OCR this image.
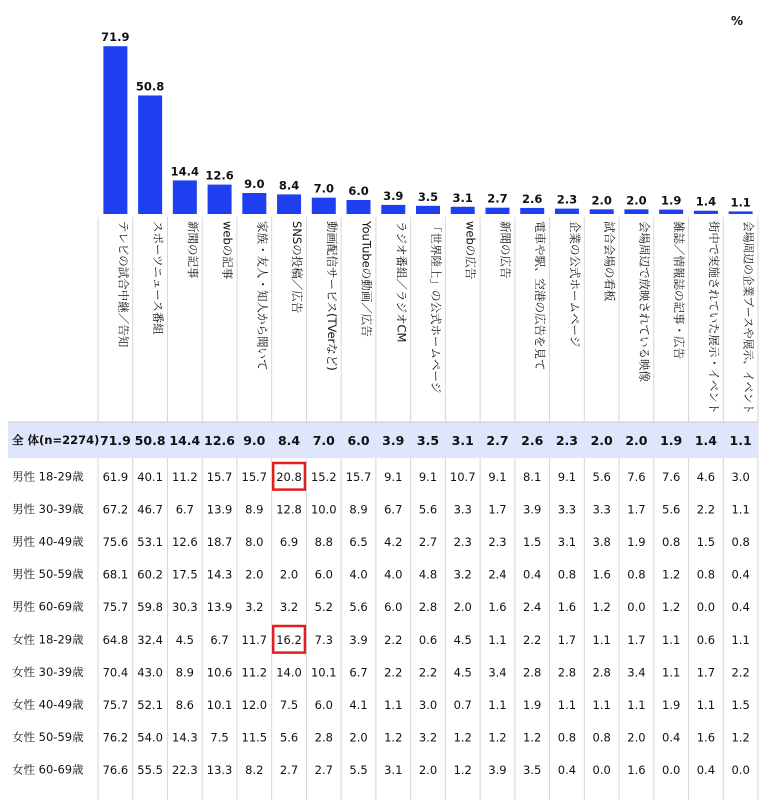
%
71.9
50.8
14.4 12.6
9.0 8.4 7.0 6.0 3.9 3.5 3.1 2.7 2.6 2.3 2.0 2.0 1.9 1.4 1.1
テレビの試合中継／告知 スポーツニュース番組 新聞の記事 webの記事 家族・友人・知人から聞いて SNSの投稿／広告 動画配信サービス(TVerなど) YouTubeの動画／広告 ラジオ番組／ラジオCM 「世界陸上」の公式ホームページ webの広告 新聞の広告 電車や駅、空港の広告を見て 企業の公式ホームページ 試合会場の看板 会場周辺で放映されている映像 雑誌／情報誌の記事・広告 街中で実施されていた展示・イベント 会場周辺の企業ブースや展示、イベント
全 体(n=2274) 71.9 50.8 14.4 12.6 9.0 8.4 7.0 6.0 3.9 3.5 3.1 2.7 2.6 2.3 2.0 2.0 1.9 1.4 1.1
男性 18-29歳 61.9 40.1 11.2 15.7 15.7 20.8 15.2 15.7 9.1 9.1 10.7 9.1 8.1 9.1 5.6 7.6 7.6 4.6 3.0
男性 30-39歳 67.2 46.7 6.7 13.9 8.9 12.8 10.0 8.9 6.7 5.6 3.3 1.7 3.9 3.3 3.3 1.7 5.6 2.2 1.1
男性 40-49歳 75.6 53.1 12.6 18.7 8.0 6.9 8.8 6.5 4.2 2.7 2.3 2.3 1.5 3.1 3.8 1.9 0.8 1.5 0.8
男性 50-59歳 68.1 60.2 17.5 14.3 2.0 2.0 6.0 4.0 4.0 4.8 3.2 2.4 0.4 0.8 1.6 0.8 1.2 0.8 0.4
男性 60-69歳 75.7 59.8 30.3 13.9 3.2 3.2 5.2 5.6 6.0 2.8 2.0 1.6 2.4 1.6 1.2 0.0 1.2 0.0 0.4
女性 18-29歳 64.8 32.4 4.5 6.7 11.7 16.2 7.3 3.9 2.2 0.6 4.5 1.1 2.2 1.7 1.1 1.7 1.1 0.6 1.1
女性 30-39歳 70.4 43.0 8.9 10.6 11.2 14.0 10.1 6.7 2.2 2.2 4.5 3.4 2.8 2.8 2.8 3.4 1.1 1.7 2.2
女性 40-49歳 75.7 52.1 8.6 10.1 12.0 7.5 6.0 4.1 1.1 3.0 0.7 1.1 1.9 1.1 1.1 1.1 1.9 1.1 1.5
女性 50-59歳 76.2 54.0 14.3 7.5 11.5 5.6 2.8 2.0 1.2 3.2 1.2 1.2 1.2 0.8 0.8 2.0 0.4 1.6 1.2
女性 60-69歳 76.6 55.5 22.3 13.3 8.2 2.7 2.7 5.5 3.1 2.0 1.2 3.9 3.5 0.4 0.0 1.6 0.0 0.4 0.0
